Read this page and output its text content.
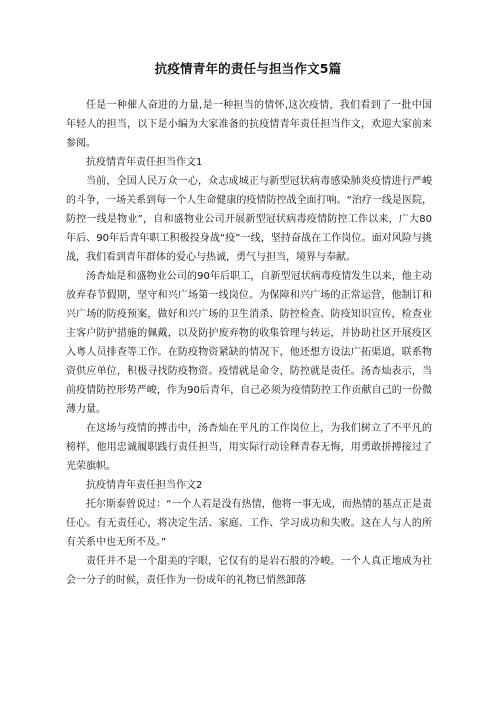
抗疫情青年的责任与担当作文5篇

任是一种催人奋进的力量,是一种担当的情怀,这次疫情，我们看到了一批中国年轻人的担当，以下是小编为大家准备的抗疫情青年责任担当作文，欢迎大家前来参阅。

抗疫情青年责任担当作文1

当前，全国人民万众一心，众志成城正与新型冠状病毒感染肺炎疫情进行严峻的斗争，一场关系到每一个人生命健康的疫情防控战全面打响。“治疗一线是医院，防控一线是物业”，自和盛物业公司开展新型冠状病毒疫情防控工作以来，广大80年后、90年后青年职工积极投身战“疫”一线，坚持奋战在工作岗位。面对风险与挑战，我们看到青年群体的爱心与热诚，勇气与担当，境界与奉献。

汤杏灿是和盛物业公司的90年后职工，自新型冠状病毒疫情发生以来，他主动放弃春节假期，坚守和兴广场第一线岗位。为保障和兴广场的正常运营，他制订和兴广场的防疫预案，做好和兴广场的卫生消杀、防控检查、防疫知识宣传，检查业主客户防护措施的佩戴，以及防护废弃物的收集管理与转运，并协助社区开展疫区入粤人员排查等工作。在防疫物资紧缺的情况下，他还想方设法广拓渠道，联系物资供应单位，积极寻找防疫物资。疫情就是命令，防控就是责任。汤杏灿表示，当前疫情防控形势严峻，作为90后青年，自己必须为疫情防控工作贡献自己的一份微薄力量。

在这场与疫情的搏击中，汤杏灿在平凡的工作岗位上，为我们树立了不平凡的榜样，他用忠诚履职践行责任担当，用实际行动诠释青春无悔，用勇敢拼搏接过了光荣旗帜。

抗疫情青年责任担当作文2

托尔斯泰曾说过：“一个人若是没有热情，他将一事无成，而热情的基点正是责任心。有无责任心，将决定生活、家庭、工作、学习成功和失败。这在人与人的所有关系中也无所不及。”

责任并不是一个甜美的字眼，它仅有的是岩石般的冷峻。一个人真正地成为社会一分子的时候，责任作为一份成年的礼物已悄然卸落
